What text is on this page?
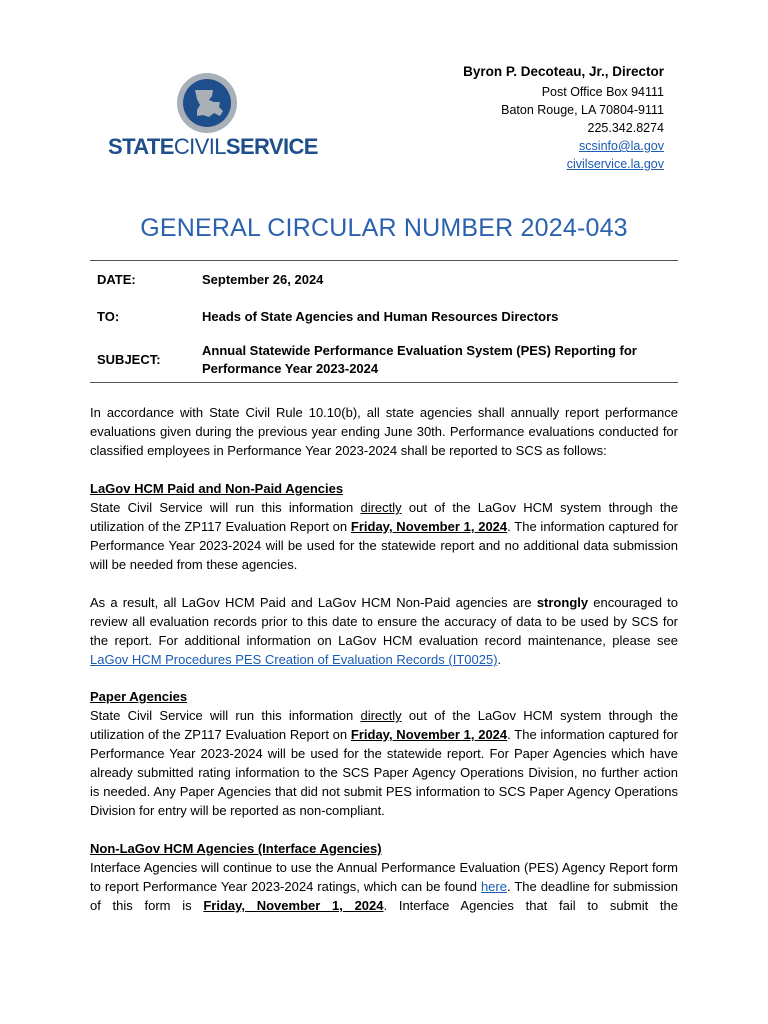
STATECIVILSERVICE
Byron P. Decoteau, Jr., Director
Post Office Box 94111
Baton Rouge, LA 70804-9111
225.342.8274
scsinfo@la.gov
civilservice.la.gov
GENERAL CIRCULAR NUMBER 2024-043
DATE:	September 26, 2024
TO:	Heads of State Agencies and Human Resources Directors
SUBJECT:
Annual Statewide Performance Evaluation System (PES) Reporting for Performance Year 2023-2024

In accordance with State Civil Rule 10.10(b), all state agencies shall annually report performance evaluations given during the previous year ending June 30th. Performance evaluations conducted for classified employees in Performance Year 2023-2024 shall be reported to SCS as follows:

LaGov HCM Paid and Non-Paid Agencies

State Civil Service will run this information directly out of the LaGov HCM system through the utilization of the ZP117 Evaluation Report on Friday, November 1, 2024. The information captured for Performance Year 2023-2024 will be used for the statewide report and no additional data submission will be needed from these agencies.

As a result, all LaGov HCM Paid and LaGov HCM Non-Paid agencies are strongly encouraged to review all evaluation records prior to this date to ensure the accuracy of data to be used by SCS for the report. For additional information on LaGov HCM evaluation record maintenance, please see LaGov HCM Procedures PES Creation of Evaluation Records (IT0025).

Paper Agencies

State Civil Service will run this information directly out of the LaGov HCM system through the utilization of the ZP117 Evaluation Report on Friday, November 1, 2024. The information captured for Performance Year 2023-2024 will be used for the statewide report. For Paper Agencies which have already submitted rating information to the SCS Paper Agency Operations Division, no further action is needed. Any Paper Agencies that did not submit PES information to SCS Paper Agency Operations Division for entry will be reported as non-compliant.

Non-LaGov HCM Agencies (Interface Agencies)

Interface Agencies will continue to use the Annual Performance Evaluation (PES) Agency Report form to report Performance Year 2023-2024 ratings, which can be found here. The deadline for submission of this form is Friday, November 1, 2024. Interface Agencies that fail to submit the
